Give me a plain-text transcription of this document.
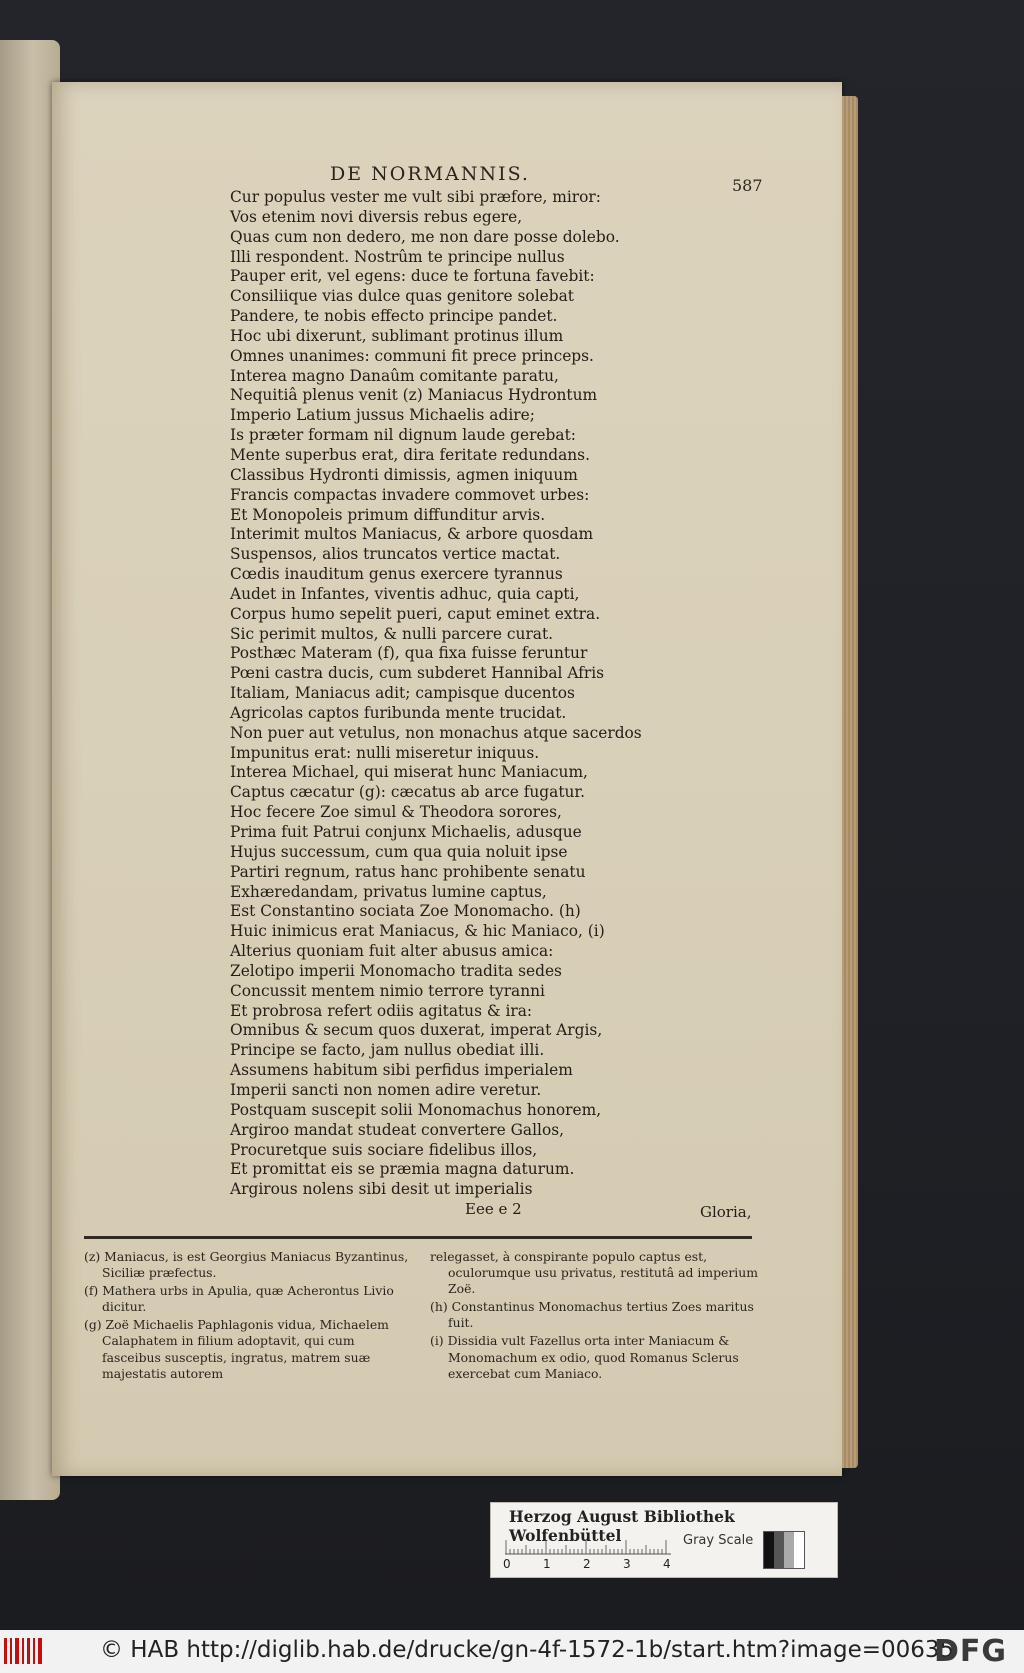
DE NORMANNIS.
587
Cur populus vester me vult sibi præfore, miror:
Vos etenim novi diversis rebus egere,
Quas cum non dedero, me non dare posse dolebo.
Illi respondent. Nostrûm te principe nullus
Pauper erit, vel egens: duce te fortuna favebit:
Consiliique vias dulce quas genitore solebat
Pandere, te nobis effecto principe pandet.
Hoc ubi dixerunt, sublimant protinus illum
Omnes unanimes: communi fit prece princeps.
Interea magno Danaûm comitante paratu,
Nequitiâ plenus venit (z) Maniacus Hydrontum
Imperio Latium jussus Michaelis adire;
Is præter formam nil dignum laude gerebat:
Mente superbus erat, dira feritate redundans.
Classibus Hydronti dimissis, agmen iniquum
Francis compactas invadere commovet urbes:
Et Monopoleis primum diffunditur arvis.
Interimit multos Maniacus, & arbore quosdam
Suspensos, alios truncatos vertice mactat.
Cœdis inauditum genus exercere tyrannus
Audet in Infantes, viventis adhuc, quia capti,
Corpus humo sepelit pueri, caput eminet extra.
Sic perimit multos, & nulli parcere curat.
Posthæc Materam (f), qua fixa fuisse feruntur
Pœni castra ducis, cum subderet Hannibal Afris
Italiam, Maniacus adit; campisque ducentos
Agricolas captos furibunda mente trucidat.
Non puer aut vetulus, non monachus atque sacerdos
Impunitus erat: nulli miseretur iniquus.
Interea Michael, qui miserat hunc Maniacum,
Captus cæcatur (g): cæcatus ab arce fugatur.
Hoc fecere Zoe simul & Theodora sorores,
Prima fuit Patrui conjunx Michaelis, adusque
Hujus successum, cum qua quia noluit ipse
Partiri regnum, ratus hanc prohibente senatu
Exhæredandam, privatus lumine captus,
Est Constantino sociata Zoe Monomacho. (h)
Huic inimicus erat Maniacus, & hic Maniaco, (i)
Alterius quoniam fuit alter abusus amica:
Zelotipo imperii Monomacho tradita sedes
Concussit mentem nimio terrore tyranni
Et probrosa refert odiis agitatus & ira:
Omnibus & secum quos duxerat, imperat Argis,
Principe se facto, jam nullus obediat illi.
Assumens habitum sibi perfidus imperialem
Imperii sancti non nomen adire veretur.
Postquam suscepit solii Monomachus honorem,
Argiroo mandat studeat convertere Gallos,
Procuretque suis sociare fidelibus illos,
Et promittat eis se præmia magna daturum.
Argirous nolens sibi desit ut imperialis
Eee e 2	Gloria,

(z) Maniacus, is est Georgius Maniacus Byzantinus, Siciliæ præfectus.

(f) Mathera urbs in Apulia, quæ Acherontus Livio dicitur.

(g) Zoë Michaelis Paphlagonis vidua, Michaelem Calaphatem in filium adoptavit, qui cum fasceibus susceptis, ingratus, matrem suæ majestatis autorem

relegasset, à conspirante populo captus est, oculorumque usu privatus, restitutâ ad imperium Zoë.

(h) Constantinus Monomachus tertius Zoes maritus fuit.

(i) Dissidia vult Fazellus orta inter Maniacum & Monomachum ex odio, quod Romanus Sclerus exercebat cum Maniaco.

Herzog August Bibliothek Wolfenbüttel
0	1	2	3	4
Gray Scale
© HAB http://diglib.hab.de/drucke/gn-4f-1572-1b/start.htm?image=00635
DFG
